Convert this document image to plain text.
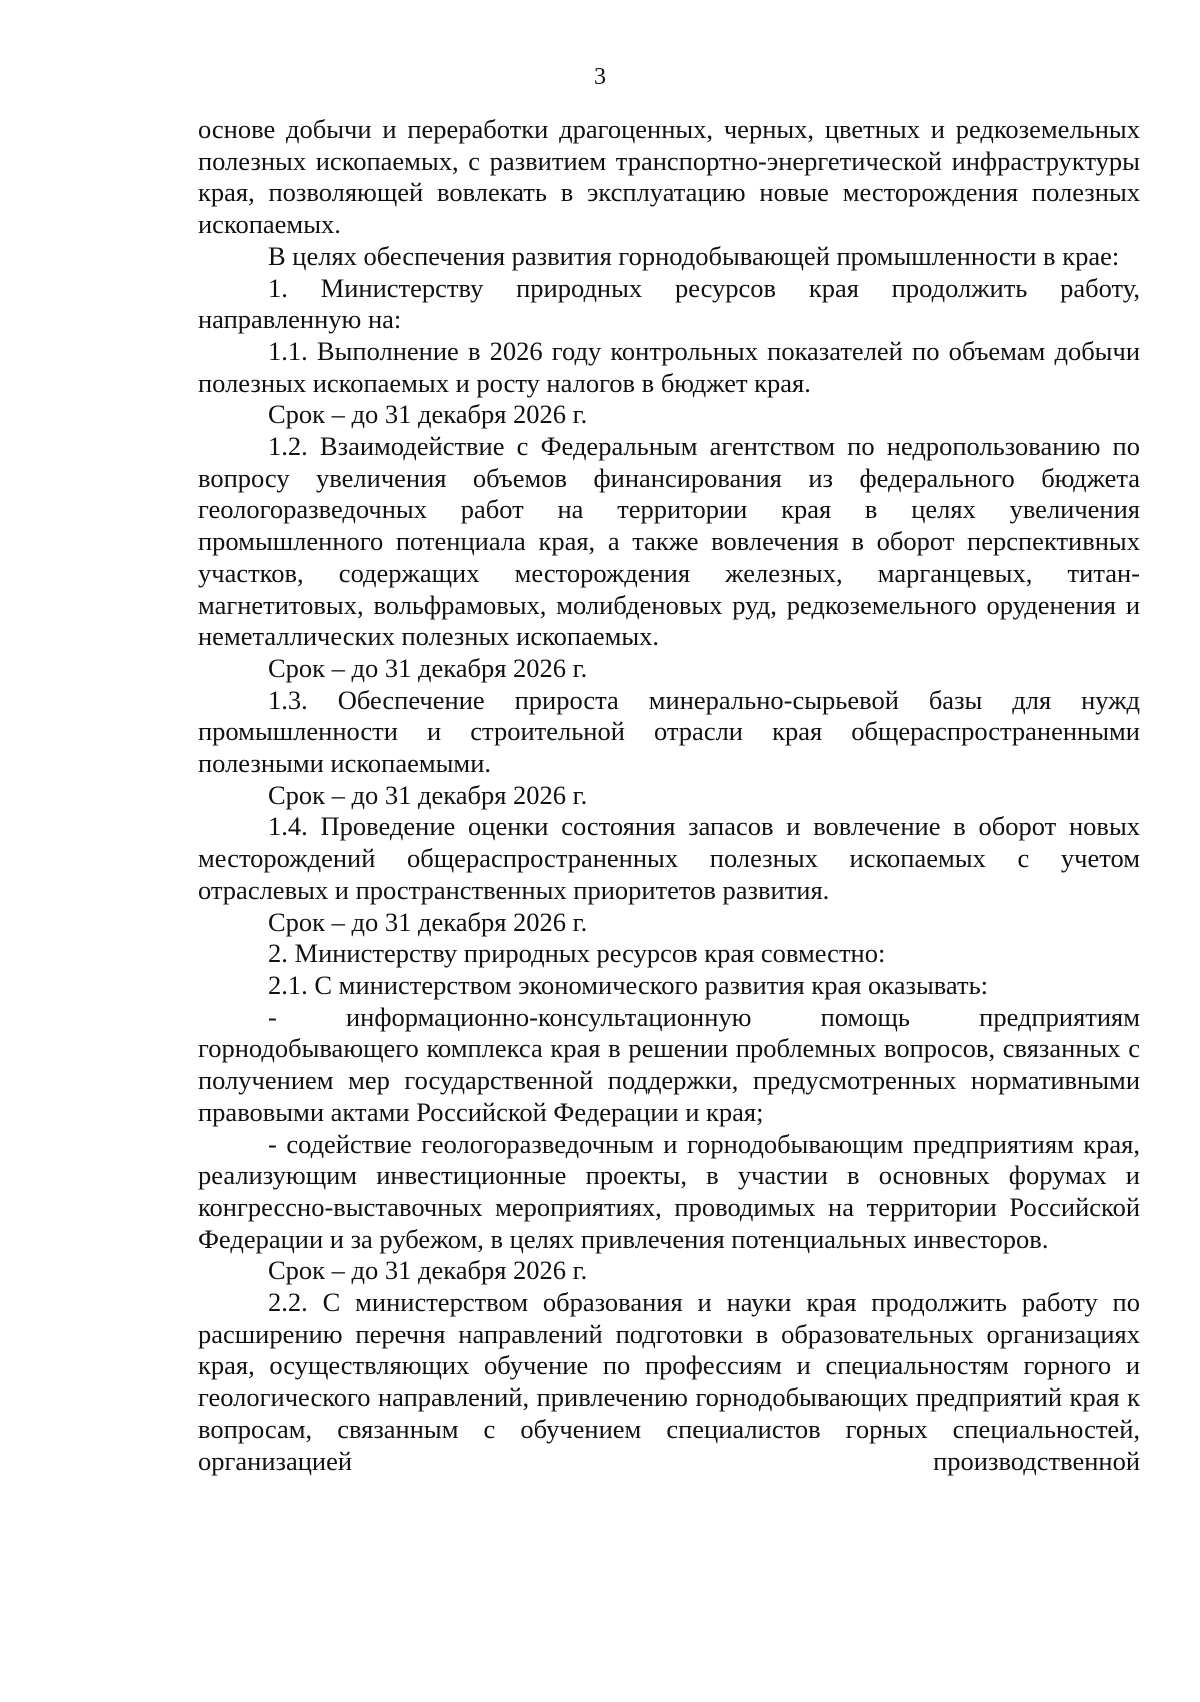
3

основе добычи и переработки драгоценных, черных, цветных и редкоземельных полезных ископаемых, с развитием транспортно-энергетической инфраструктуры края, позволяющей вовлекать в эксплуатацию новые месторождения полезных ископаемых.

В целях обеспечения развития горнодобывающей промышленности в крае:

1. Министерству природных ресурсов края продолжить работу, направленную на:

1.1. Выполнение в 2026 году контрольных показателей по объемам добычи полезных ископаемых и росту налогов в бюджет края.

Срок – до 31 декабря 2026 г.

1.2. Взаимодействие с Федеральным агентством по недропользованию по вопросу увеличения объемов финансирования из федерального бюджета геологоразведочных работ на территории края в целях увеличения промышленного потенциала края, а также вовлечения в оборот перспективных участков, содержащих месторождения железных, марганцевых, титан-магнетитовых, вольфрамовых, молибденовых руд, редкоземельного оруденения и неметаллических полезных ископаемых.

Срок – до 31 декабря 2026 г.

1.3. Обеспечение прироста минерально-сырьевой базы для нужд промышленности и строительной отрасли края общераспространенными полезными ископаемыми.

Срок – до 31 декабря 2026 г.

1.4. Проведение оценки состояния запасов и вовлечение в оборот новых месторождений общераспространенных полезных ископаемых с учетом отраслевых и пространственных приоритетов развития.

Срок – до 31 декабря 2026 г.

2. Министерству природных ресурсов края совместно:

2.1. С министерством экономического развития края оказывать:

- информационно-консультационную помощь предприятиям горнодобывающего комплекса края в решении проблемных вопросов, связанных с получением мер государственной поддержки, предусмотренных нормативными правовыми актами Российской Федерации и края;

- содействие геологоразведочным и горнодобывающим предприятиям края, реализующим инвестиционные проекты, в участии в основных форумах и конгрессно-выставочных мероприятиях, проводимых на территории Российской Федерации и за рубежом, в целях привлечения потенциальных инвесторов.

Срок – до 31 декабря 2026 г.

2.2. С министерством образования и науки края продолжить работу по расширению перечня направлений подготовки в образовательных организациях края, осуществляющих обучение по профессиям и специальностям горного и геологического направлений, привлечению горнодобывающих предприятий края к вопросам, связанным с обучением специалистов горных специальностей, организацией производственной
